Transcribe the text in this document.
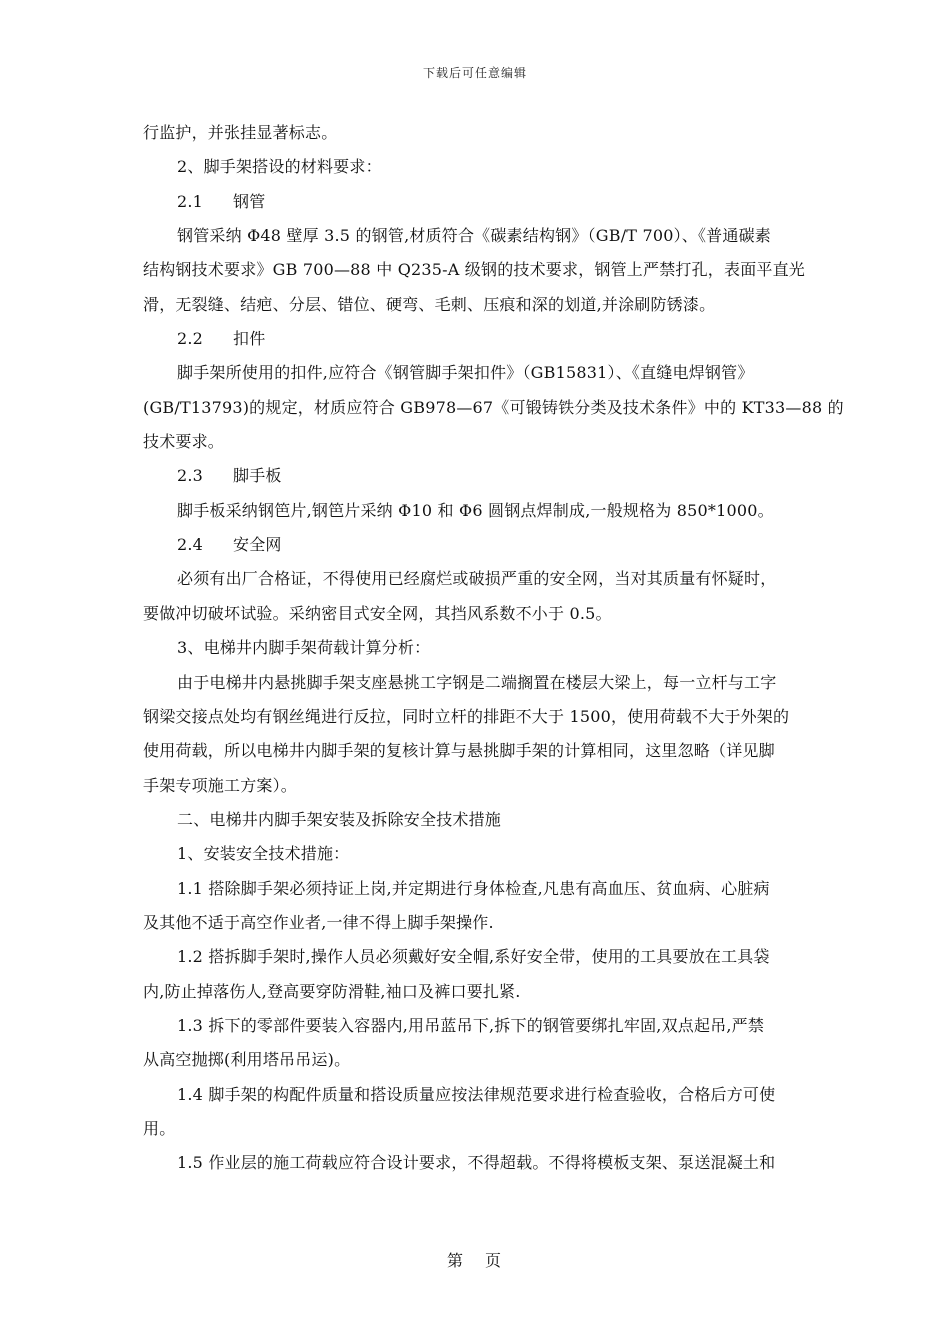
下载后可任意编辑
行监护，并张挂显著标志。
2、脚手架搭设的材料要求：
2.1 钢管
钢管采纳 Φ48 壁厚 3.5 的钢管,材质符合《碳素结构钢》（GB/T 700）、《普通碳素
结构钢技术要求》GB 700—88 中 Q235-A 级钢的技术要求，钢管上严禁打孔，表面平直光
滑，无裂缝、结疤、分层、错位、硬弯、毛刺、压痕和深的划道,并涂刷防锈漆。
2.2 扣件
脚手架所使用的扣件,应符合《钢管脚手架扣件》（GB15831）、《直缝电焊钢管》
(GB/T13793)的规定，材质应符合 GB978—67《可锻铸铁分类及技术条件》中的 KT33—88 的
技术要求。
2.3 脚手板
脚手板采纳钢笆片,钢笆片采纳 Φ10 和 Φ6 圆钢点焊制成,一般规格为 850*1000。
2.4 安全网
必须有出厂合格证，不得使用已经腐烂或破损严重的安全网，当对其质量有怀疑时，
要做冲切破坏试验。采纳密目式安全网，其挡风系数不小于 0.5。
3、电梯井内脚手架荷载计算分析：
由于电梯井内悬挑脚手架支座悬挑工字钢是二端搁置在楼层大梁上，每一立杆与工字
钢梁交接点处均有钢丝绳进行反拉，同时立杆的排距不大于 1500，使用荷载不大于外架的
使用荷载，所以电梯井内脚手架的复核计算与悬挑脚手架的计算相同，这里忽略（详见脚
手架专项施工方案）。
二、电梯井内脚手架安装及拆除安全技术措施
1、安装安全技术措施：
1.1 搭除脚手架必须持证上岗,并定期进行身体检查,凡患有高血压、贫血病、心脏病
及其他不适于高空作业者,一律不得上脚手架操作.
1.2 搭拆脚手架时,操作人员必须戴好安全帽,系好安全带，使用的工具要放在工具袋
内,防止掉落伤人,登高要穿防滑鞋,袖口及裤口要扎紧.
1.3 拆下的零部件要装入容器内,用吊蓝吊下,拆下的钢管要绑扎牢固,双点起吊,严禁
从高空抛掷(利用塔吊吊运)。
1.4 脚手架的构配件质量和搭设质量应按法律规范要求进行检查验收，合格后方可使
用。
1.5 作业层的施工荷载应符合设计要求，不得超载。不得将模板支架、泵送混凝土和
第 页
